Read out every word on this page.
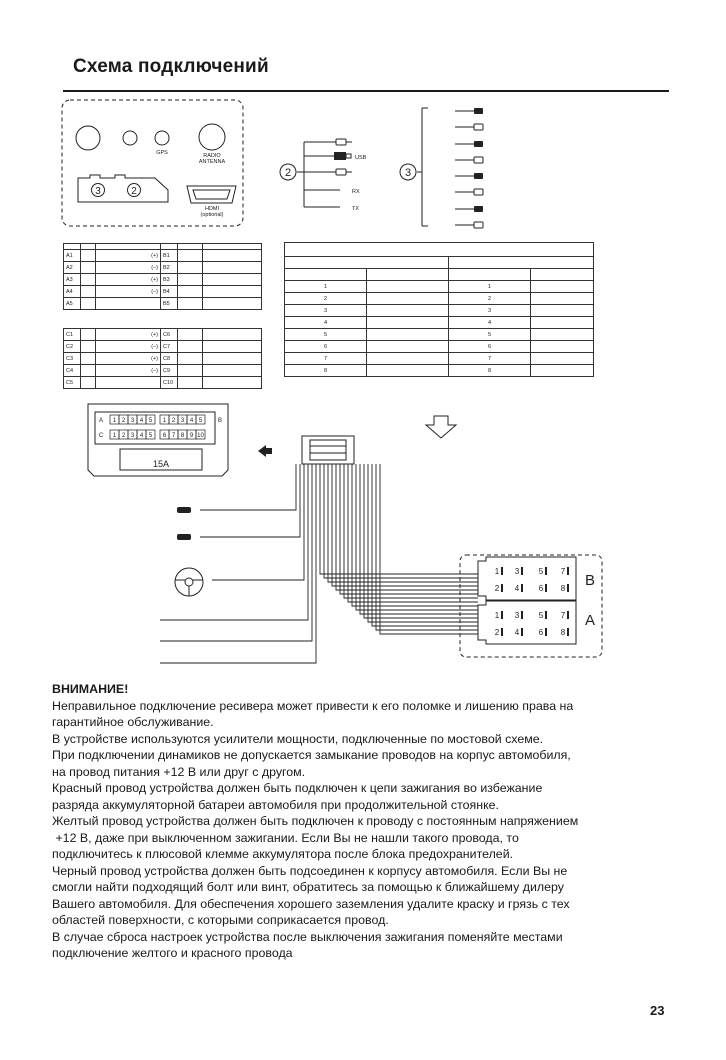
Схема подключений
GPS	RADIO
ANTENNA
HDMI
(optional)
3	2
USB
RX
TX
2	3
A	B
C
1 2 3 4 5 1 2 3 4 5
1 2 3 4 5 6 7 8 9 10
15A
1 3 5 7
2 4 6 8
1 3 5 7
2 4 6 8
B
A

A1		(+)	B1		
A2		(–)	B2		
A3		(+)	B3		
A4		(–)	B4		
A5			B5		
C1		(+)	C6		
C2		(–)	C7		
C3		(+)	C8		
C4		(–)	C9		
C5			C10		

1		1	
2		2	
3		3	
4		4	
5		5	
6		6	
7		7	
8		8	

ВНИМАНИЕ!

Неправильное подключение ресивера может привести к его поломке и лишению права на

гарантийное обслуживание.

В устройстве используются усилители мощности, подключенные по мостовой схеме.

При подключении динамиков не допускается замыкание проводов на корпус автомобиля,

на провод питания +12 В или друг с другом.

Красный провод устройства должен быть подключен к цепи зажигания во избежание

разряда аккумуляторной батареи автомобиля при продолжительной стоянке.

Желтый провод устройства должен быть подключен к проводу с постоянным напряжением

+12 В, даже при выключенном зажигании. Если Вы не нашли такого провода, то

подключитесь к плюсовой клемме аккумулятора после блока предохранителей.

Черный провод устройства должен быть подсоединен к корпусу автомобиля. Если Вы не

смогли найти подходящий болт или винт, обратитесь за помощью к ближайшему дилеру

Вашего автомобиля. Для обеспечения хорошего заземления удалите краску и грязь с тех

областей поверхности, с которыми соприкасается провод.

В случае сброса настроек устройства после выключения зажигания поменяйте местами

подключение желтого и красного провода

23
